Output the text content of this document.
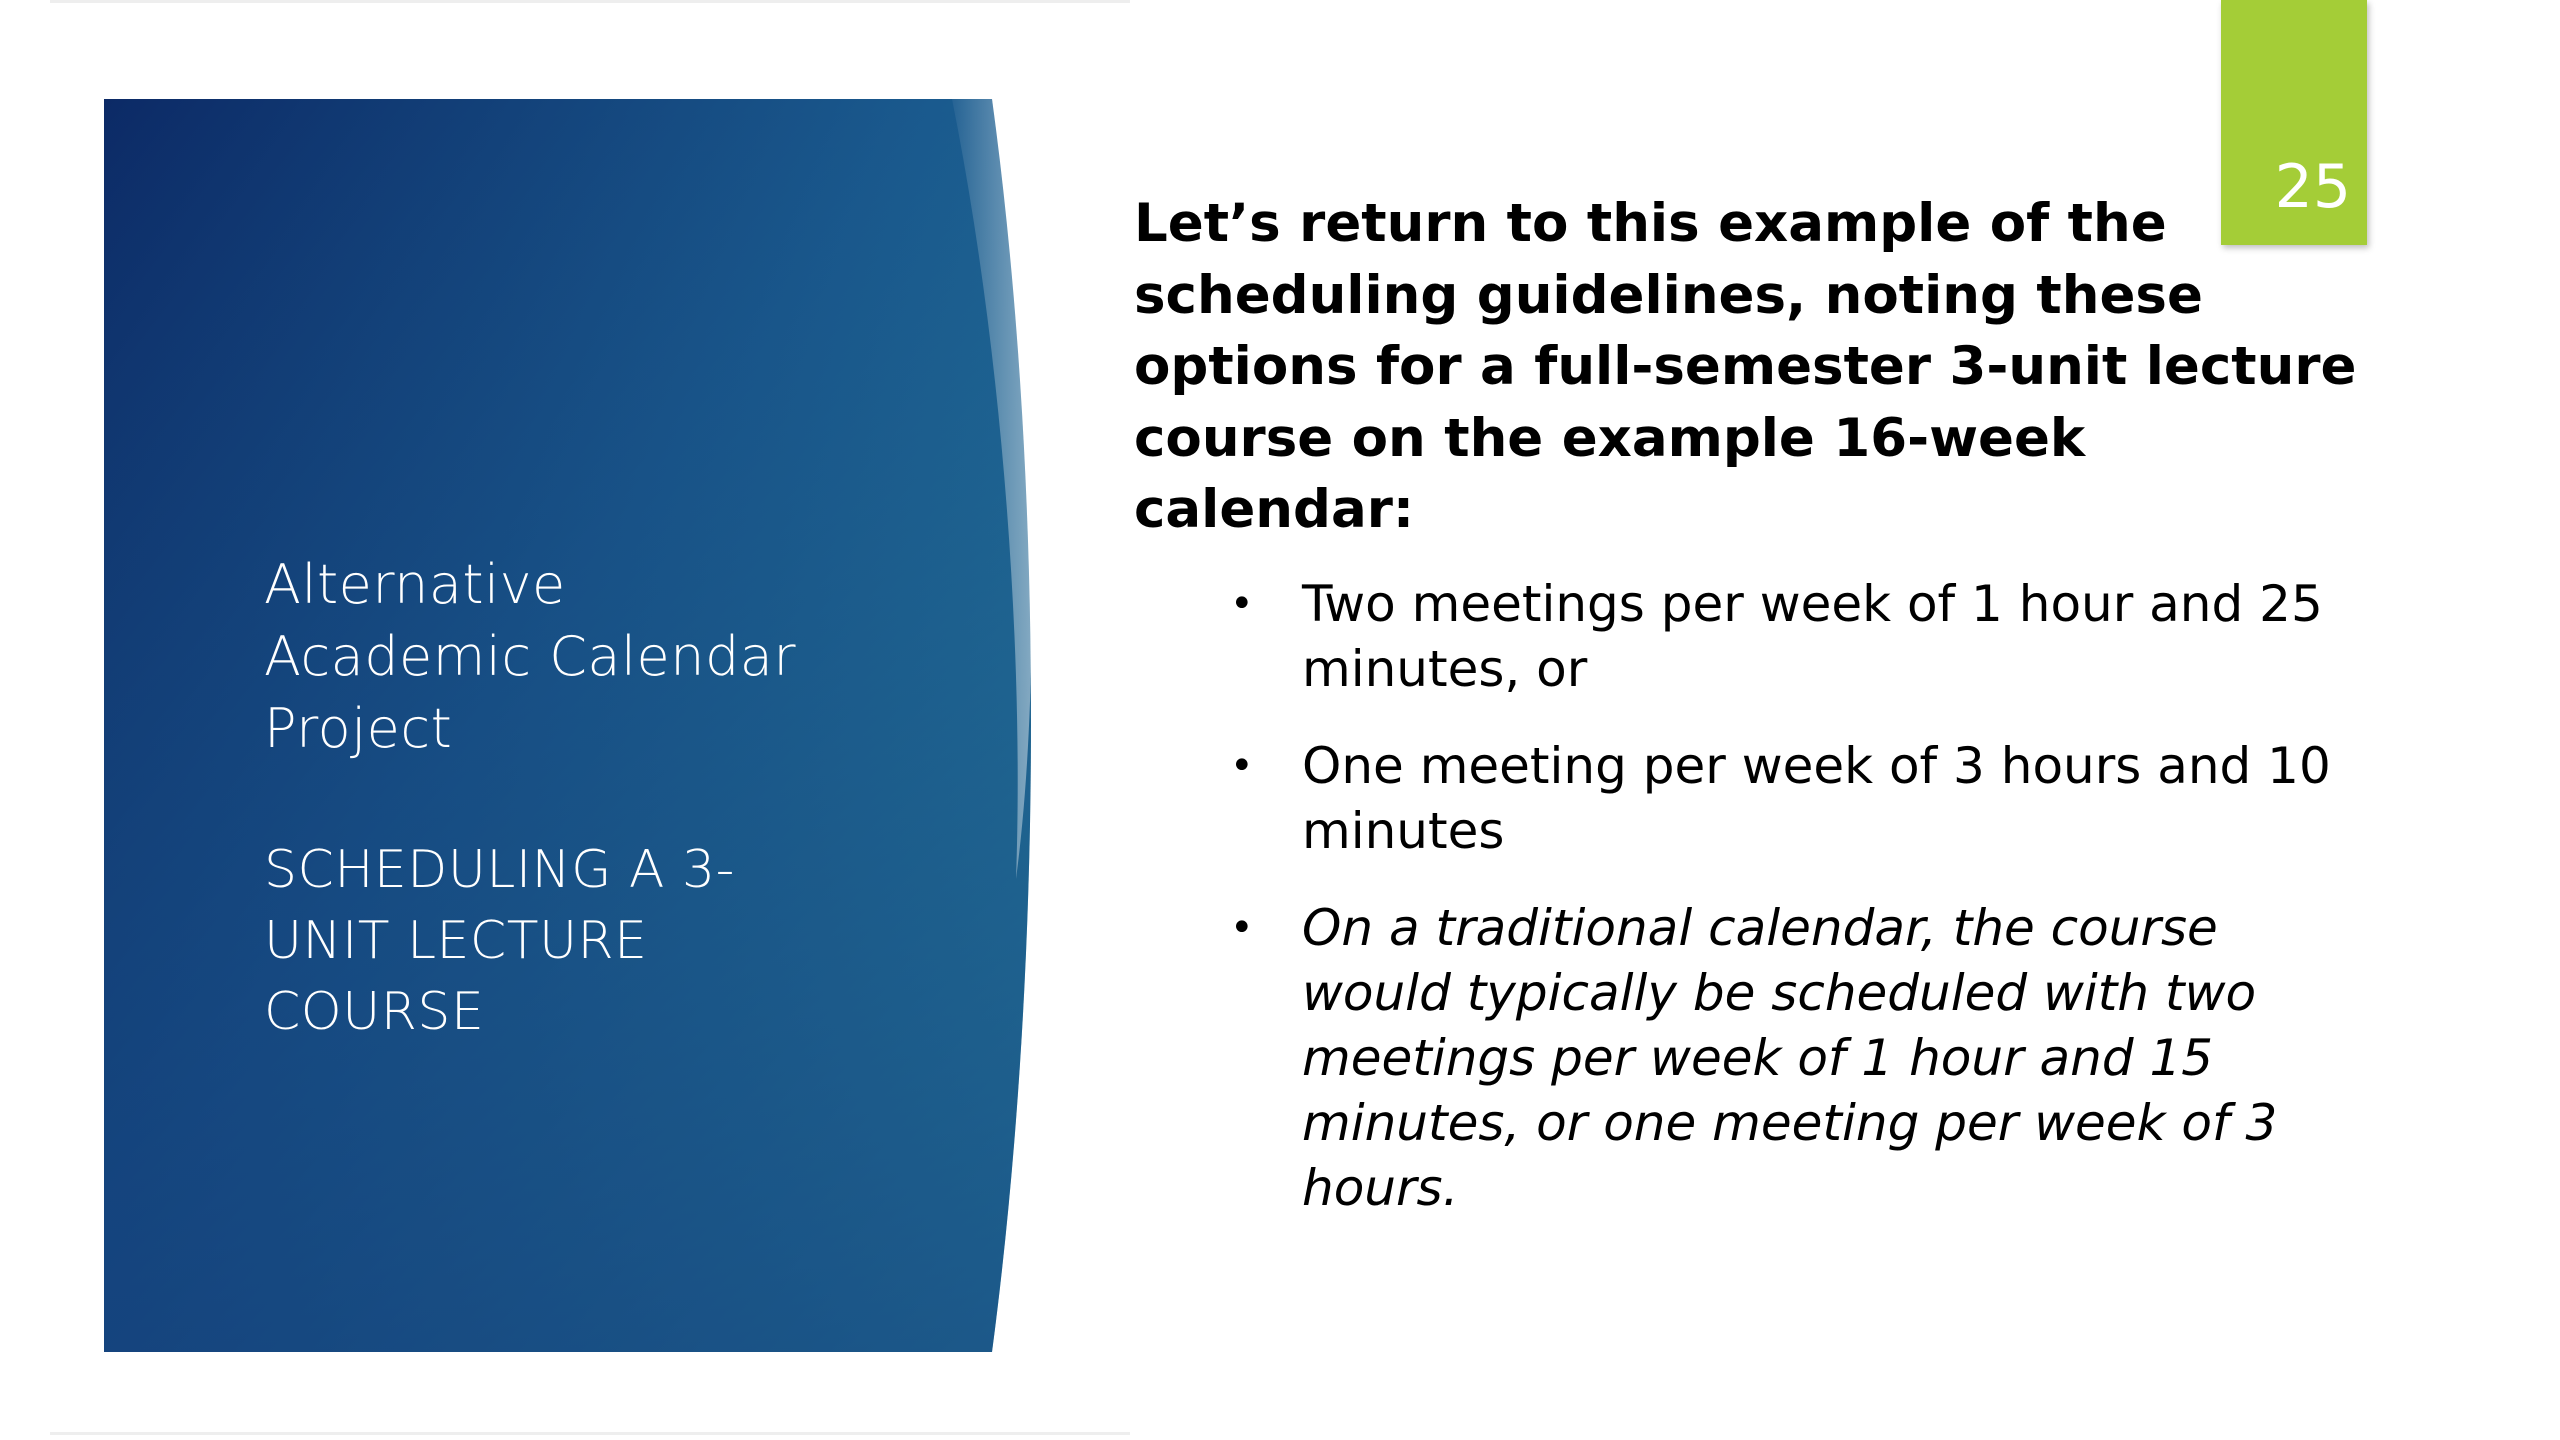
Alternative Academic Calendar Project

SCHEDULING A 3-UNIT LECTURE COURSE

25

Let’s return to this example of the scheduling guidelines, noting these options for a full-semester 3-unit lecture course on the example 16-week calendar:

• Two meetings per week of 1 hour and 25 minutes, or
• One meeting per week of 3 hours and 10 minutes
• On a traditional calendar, the course would typically be scheduled with two meetings per week of 1 hour and 15 minutes, or one meeting per week of 3 hours.
